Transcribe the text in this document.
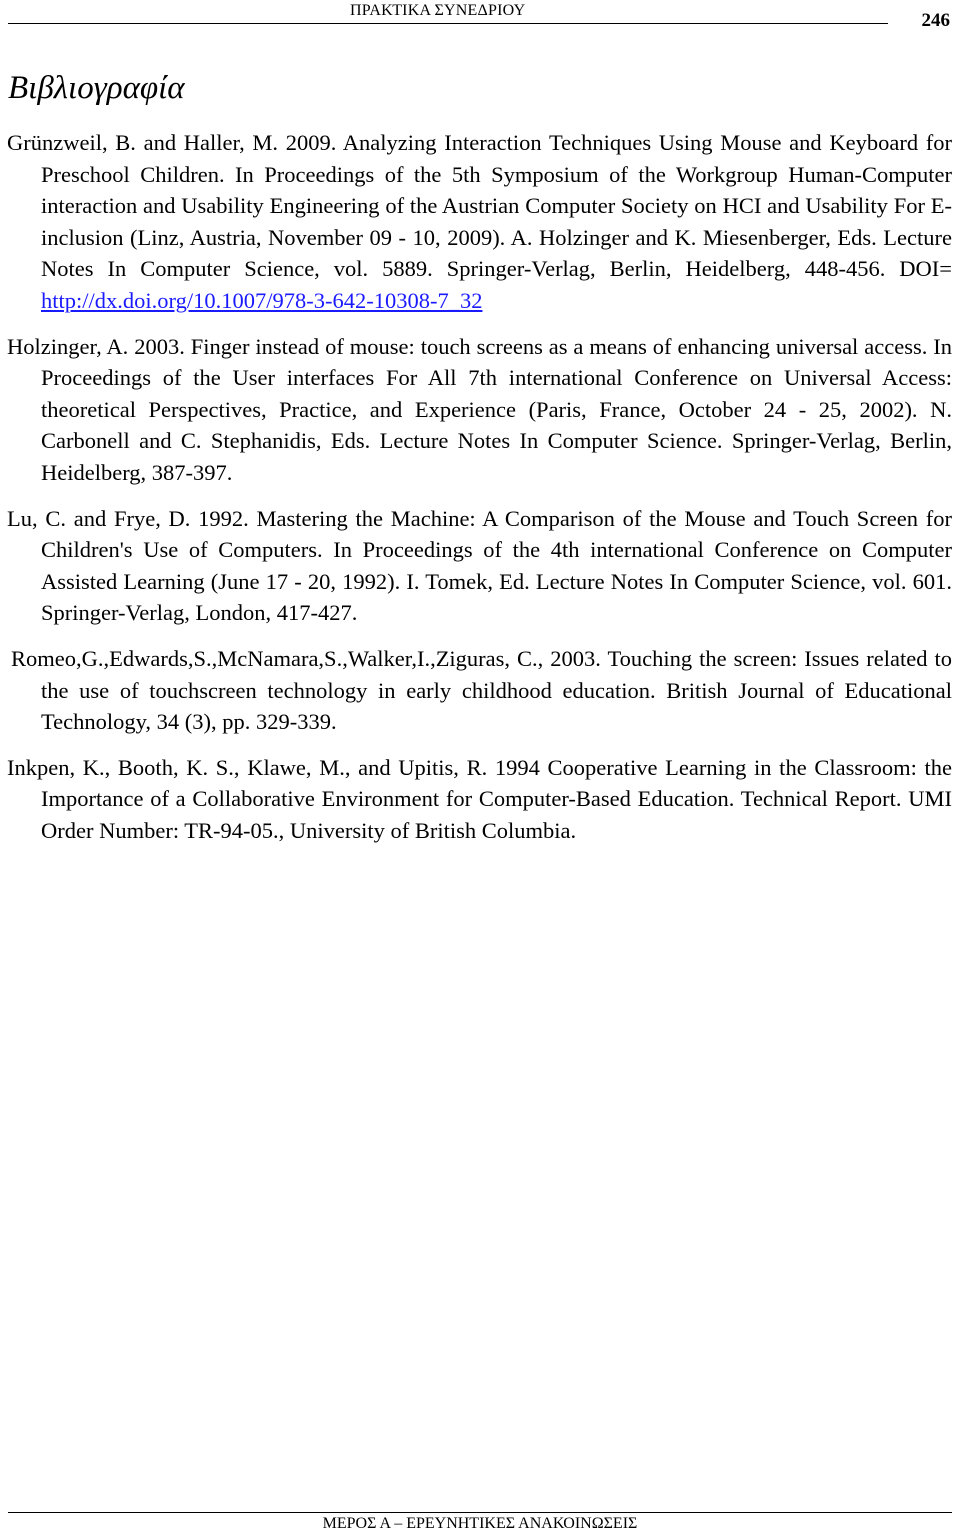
ΠΡΑΚΤΙΚΑ ΣΥΝΕΔΡΙΟΥ	246
Βιβλιογραφία

Grünzweil, B. and Haller, M. 2009. Analyzing Interaction Techniques Using Mouse and Keyboard for Preschool Children. In Proceedings of the 5th Symposium of the Workgroup Human-Computer interaction and Usability Engineering of the Austrian Computer Society on HCI and Usability For E-inclusion (Linz, Austria, November 09 - 10, 2009). A. Holzinger and K. Miesenberger, Eds. Lecture Notes In Computer Science, vol. 5889. Springer-Verlag, Berlin, Heidelberg, 448-456. DOI= http://dx.doi.org/10.1007/978-3-642-10308-7_32

Holzinger, A. 2003. Finger instead of mouse: touch screens as a means of enhancing universal access. In Proceedings of the User interfaces For All 7th international Conference on Universal Access: theoretical Perspectives, Practice, and Experience (Paris, France, October 24 - 25, 2002). N. Carbonell and C. Stephanidis, Eds. Lecture Notes In Computer Science. Springer-Verlag, Berlin, Heidelberg, 387-397.

Lu, C. and Frye, D. 1992. Mastering the Machine: A Comparison of the Mouse and Touch Screen for Children's Use of Computers. In Proceedings of the 4th international Conference on Computer Assisted Learning (June 17 - 20, 1992). I. Tomek, Ed. Lecture Notes In Computer Science, vol. 601. Springer-Verlag, London, 417-427.

Romeo,G.,Edwards,S.,McNamara,S.,Walker,I.,Ziguras, C., 2003. Touching the screen: Issues related to the use of touchscreen technology in early childhood education. British Journal of Educational Technology, 34 (3), pp. 329-339.

Inkpen, K., Booth, K. S., Klawe, M., and Upitis, R. 1994 Cooperative Learning in the Classroom: the Importance of a Collaborative Environment for Computer-Based Education. Technical Report. UMI Order Number: TR-94-05., University of British Columbia.

ΜΕΡΟΣ Α – ΕΡΕΥΝΗΤΙΚΕΣ ΑΝΑΚΟΙΝΩΣΕΙΣ
